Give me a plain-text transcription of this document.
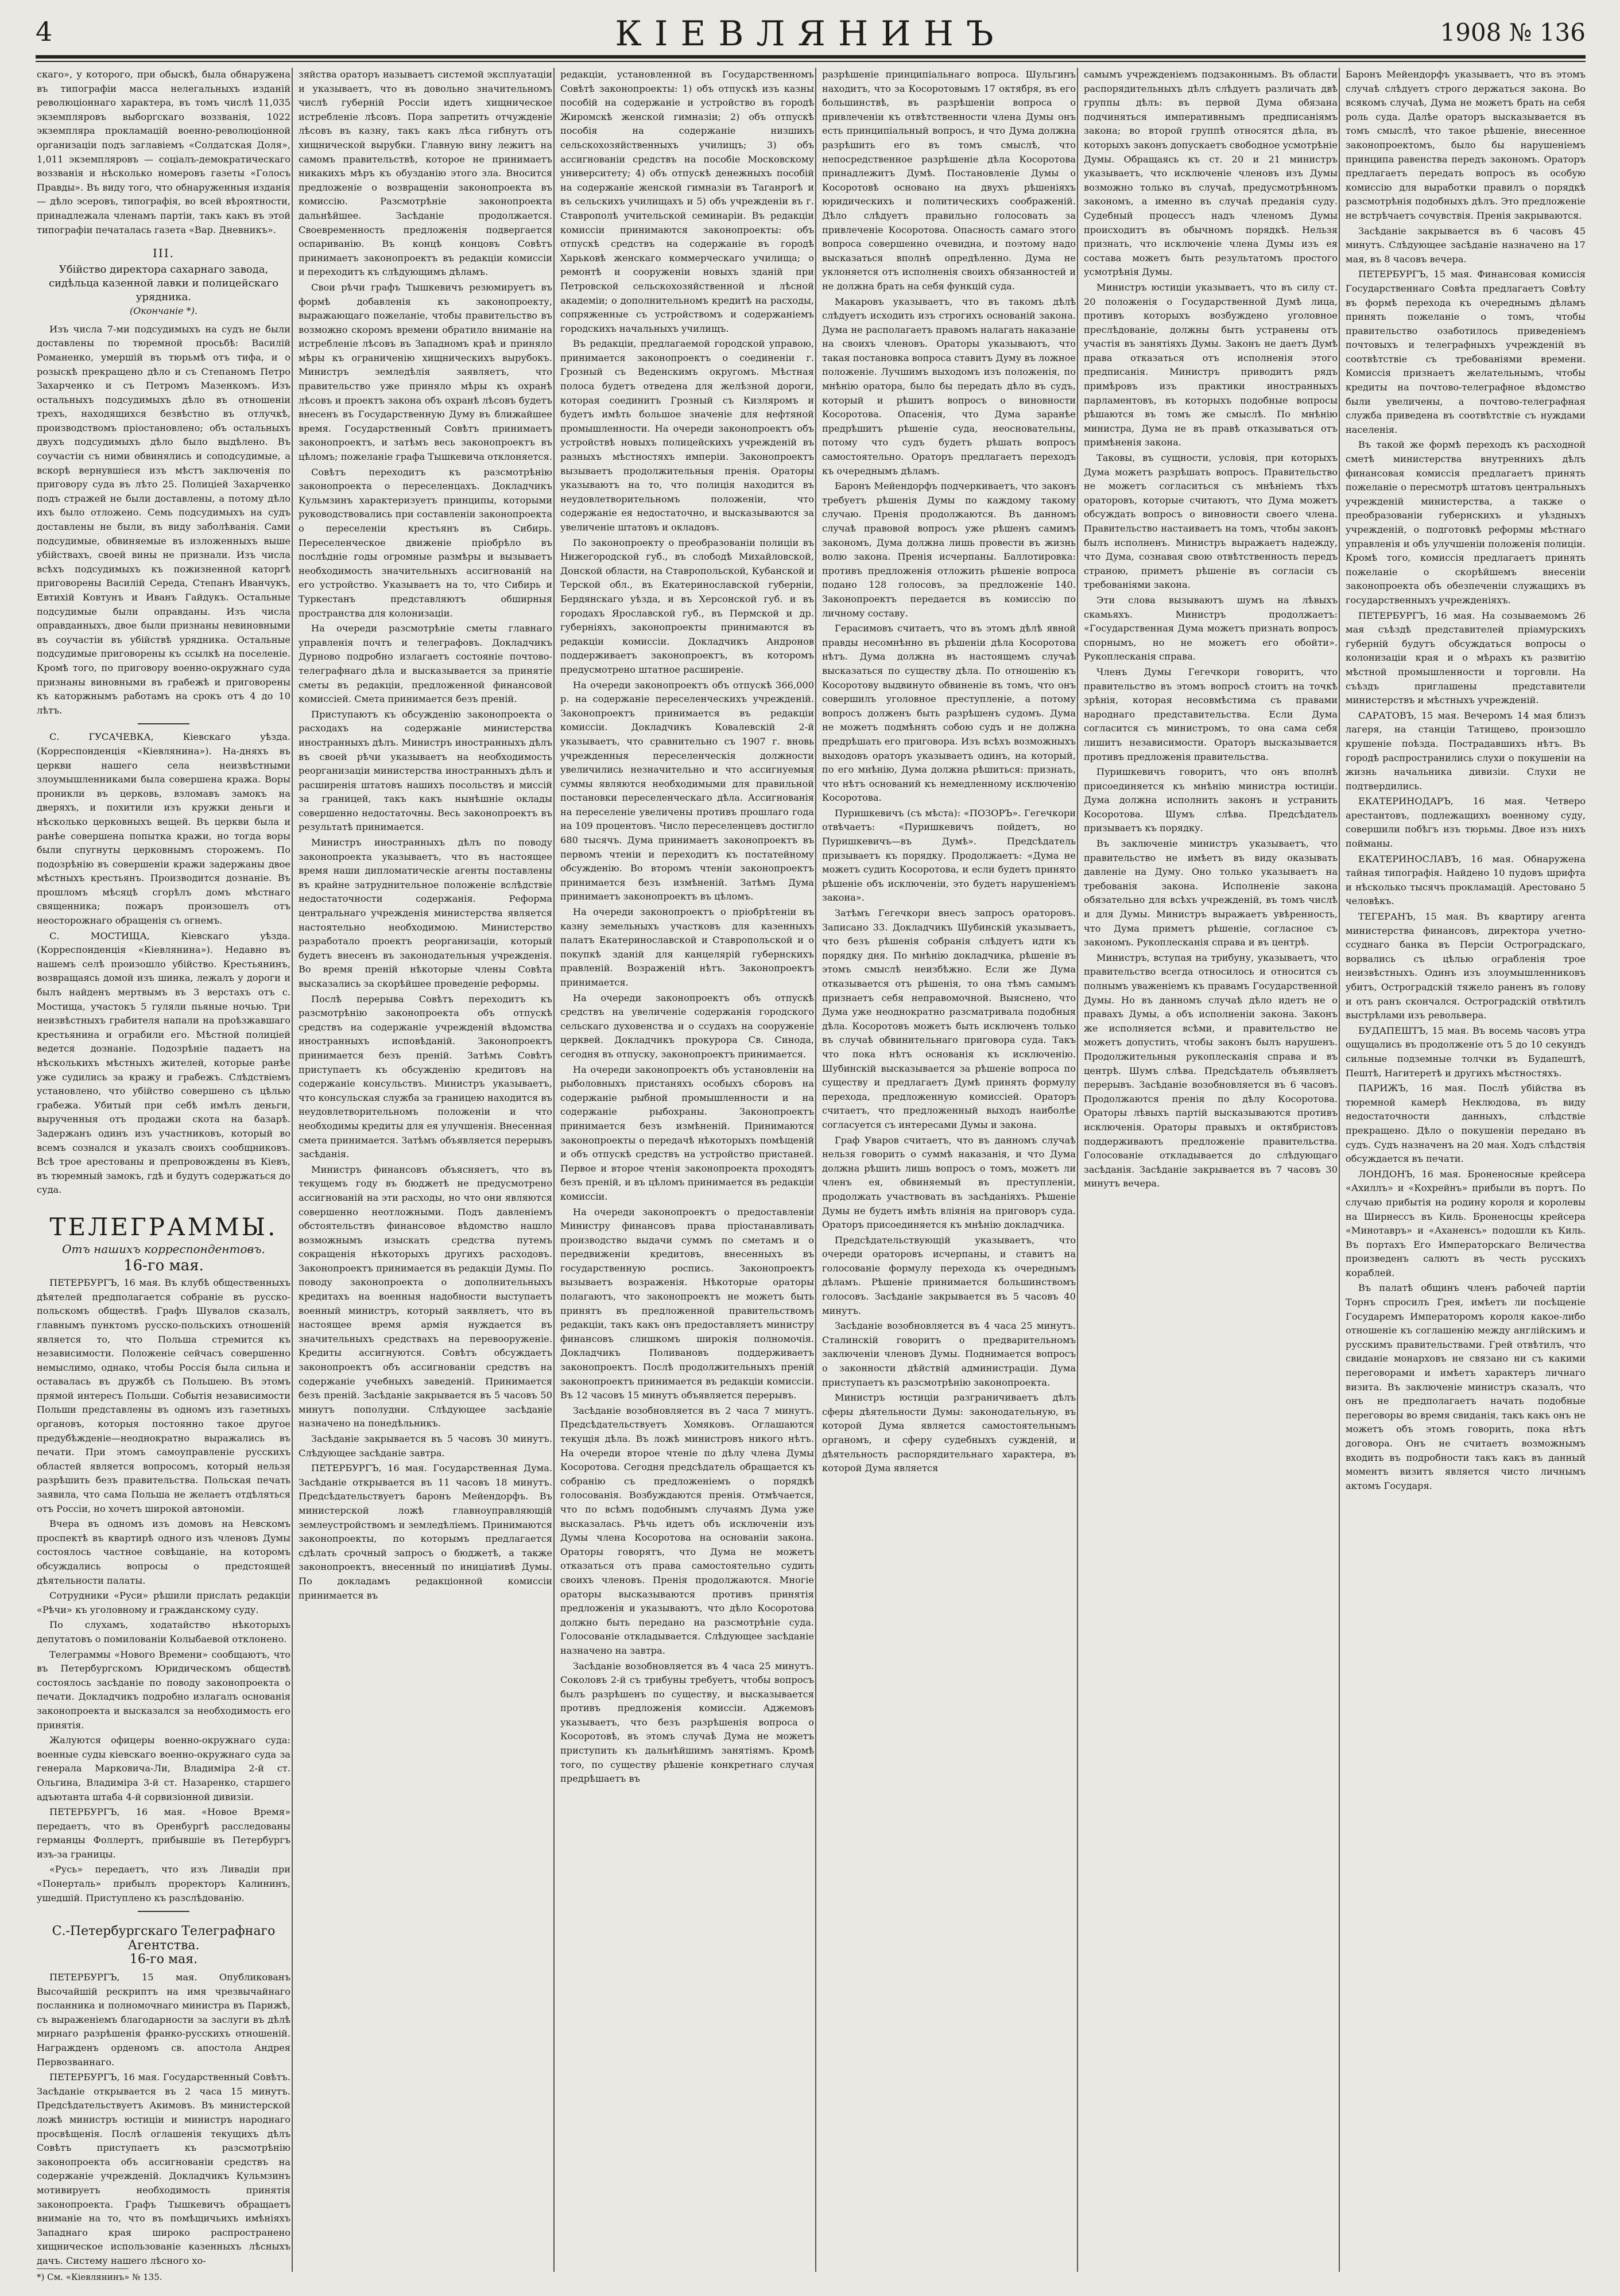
4	КІЕВЛЯНИНЪ	1908 № 136

скаго», у которого, при обыскѣ, была обнаружена въ типографіи масса нелегальныхъ изданій революціоннаго характера, въ томъ числѣ 11,035 экземпляровъ выборгскаго воззванія, 1022 экземпляра прокламацій военно-революціонной организаціи подъ заглавіемъ «Солдатская Доля», 1,011 экземпляровъ — соціалъ-демократическаго воззванія и нѣсколько номеровъ газеты «Голосъ Правды». Въ виду того, что обнаруженныя изданія — дѣло эсеровъ, типографія, во всей вѣроятности, принадлежала членамъ партіи, такъ какъ въ этой типографіи печаталась газета «Вар. Дневникъ».

III.
Убійство директора сахарнаго завода, сидѣльца казенной лавки и полицейскаго урядника.
(Окончаніе *).

Изъ числа 7-ми подсудимыхъ на судъ не были доставлены по тюремной просьбѣ: Василій Романенко, умершій въ тюрьмѣ отъ тифа, и о розыскѣ прекращено дѣло и съ Степаномъ Петро Захарченко и съ Петромъ Мазенкомъ. Изъ остальныхъ подсудимыхъ дѣло въ отношеніи трехъ, находящихся безвѣстно въ отлучкѣ, производствомъ пріостановлено; объ остальныхъ двухъ подсудимыхъ дѣло было выдѣлено. Въ соучастіи съ ними обвинялись и соподсудимые, а вскорѣ вернувшіеся изъ мѣстъ заключенія по приговору суда въ лѣто 25. Полиціей Захарченко подъ стражей не были доставлены, а потому дѣло ихъ было отложено. Семь подсудимыхъ на судъ доставлены не были, въ виду заболѣванія. Сами подсудимые, обвиняемые въ изложенныхъ выше убійствахъ, своей вины не признали. Изъ числа всѣхъ подсудимыхъ къ пожизненной каторгѣ приговорены Василій Середа, Степанъ Иванчукъ, Евтихій Ковтунъ и Иванъ Гайдукъ. Остальные подсудимые были оправданы. Изъ числа оправданныхъ, двое были признаны невиновными въ соучастіи въ убійствѣ урядника. Остальные подсудимые приговорены къ ссылкѣ на поселеніе. Кромѣ того, по приговору военно-окружнаго суда признаны виновными въ грабежѣ и приговорены къ каторжнымъ работамъ на срокъ отъ 4 до 10 лѣтъ.

С. ГУСАЧЕВКА, Кіевскаго уѣзда. (Корреспонденція «Кіевлянина»). На-дняхъ въ церкви нашего села неизвѣстными злоумышленниками была совершена кража. Воры проникли въ церковь, взломавъ замокъ на дверяхъ, и похитили изъ кружки деньги и нѣсколько церковныхъ вещей. Въ церкви была и ранѣе совершена попытка кражи, но тогда воры были спугнуты церковнымъ сторожемъ. По подозрѣнію въ совершеніи кражи задержаны двое мѣстныхъ крестьянъ. Производится дознаніе. Въ прошломъ мѣсяцѣ сгорѣлъ домъ мѣстнаго священника; пожаръ произошелъ отъ неосторожнаго обращенія съ огнемъ.

С. МОСТИЩА, Кіевскаго уѣзда. (Корреспонденція «Кіевлянина»). Недавно въ нашемъ селѣ произошло убійство. Крестьянинъ, возвращаясь домой изъ шинка, лежалъ у дороги и былъ найденъ мертвымъ въ 3 верстахъ отъ с. Мостища, участокъ 5 гуляли пьяные ночью. Три неизвѣстныхъ грабителя напали на проѣзжавшаго крестьянина и ограбили его. Мѣстной полиціей ведется дознаніе. Подозрѣніе падаетъ на нѣсколькихъ мѣстныхъ жителей, которые ранѣе уже судились за кражу и грабежъ. Слѣдствіемъ установлено, что убійство совершено съ цѣлью грабежа. Убитый при себѣ имѣлъ деньги, вырученныя отъ продажи скота на базарѣ. Задержанъ одинъ изъ участниковъ, который во всемъ сознался и указалъ своихъ сообщниковъ. Всѣ трое арестованы и препровождены въ Кіевъ, въ тюремный замокъ, гдѣ и будутъ содержаться до суда.

ТЕЛЕГРАММЫ.
Отъ нашихъ корреспондентовъ.
16-го мая.

ПЕТЕРБУРГЪ, 16 мая. Въ клубѣ общественныхъ дѣятелей предполагается собраніе въ русско-польскомъ обществѣ. Графъ Шувалов сказалъ, главнымъ пунктомъ русско-польскихъ отношеній является то, что Польша стремится къ независимости. Положеніе сейчасъ совершенно немыслимо, однако, чтобы Россія была сильна и оставалась въ дружбѣ съ Польшею. Въ этомъ прямой интересъ Польши. Событія независимости Польши представлены въ одномъ изъ газетныхъ органовъ, которыя постоянно такое другое предубѣжденіе—неоднократно выражались въ печати. При этомъ самоуправленіе русскихъ областей является вопросомъ, который нельзя разрѣшить безъ правительства. Польская печать заявила, что сама Польша не желаетъ отдѣляться отъ Россіи, но хочетъ широкой автономіи.

Вчера въ одномъ изъ домовъ на Невскомъ проспектѣ въ квартирѣ одного изъ членовъ Думы состоялось частное совѣщаніе, на которомъ обсуждались вопросы о предстоящей дѣятельности палаты.

Сотрудники «Руси» рѣшили прислать редакціи «Рѣчи» къ уголовному и гражданскому суду.

По слухамъ, ходатайство нѣкоторыхъ депутатовъ о помилованіи Колыбаевой отклонено.

Телеграммы «Нового Времени» сообщаютъ, что въ Петербургскомъ Юридическомъ обществѣ состоялось засѣданіе по поводу законопроекта о печати. Докладчикъ подробно излагалъ основанія законопроекта и высказался за необходимость его принятія.

Жалуются офицеры военно-окружнаго суда: военные суды кіевскаго военно-окружнаго суда за генерала Марковича-Ли, Владиміра 2-й ст. Ольгина, Владиміра 3-й ст. Назаренко, старшего адъютанта штаба 4-й сорвизіонной дивизіи.

ПЕТЕРБУРГЪ, 16 мая. «Новое Время» передаетъ, что въ Оренбургѣ расследованы германцы Фоллертъ, прибывшіе въ Петербургъ изъ-за границы.

«Русь» передаетъ, что изъ Ливадіи при «Понерталь» прибылъ проректоръ Калининъ, ушедшій. Приступлено къ разслѣдованію.

С.-Петербургскаго Телеграфнаго
Агентства.
16-го мая.

ПЕТЕРБУРГЪ, 15 мая. Опубликованъ Высочайшій рескриптъ на имя чрезвычайнаго посланника и полномочнаго министра въ Парижѣ, съ выраженіемъ благодарности за заслуги въ дѣлѣ мирнаго разрѣшенія франко-русскихъ отношеній. Награжденъ орденомъ св. апостола Андрея Первозваннаго.

ПЕТЕРБУРГЪ, 16 мая. Государственный Совѣтъ. Засѣданіе открывается въ 2 часа 15 минутъ. Предсѣдательствуетъ Акимовъ. Въ министерской ложѣ министръ юстиціи и министръ народнаго просвѣщенія. Послѣ оглашенія текущихъ дѣлъ Совѣтъ приступаетъ къ разсмотрѣнію законопроекта объ ассигнованіи средствъ на содержаніе учрежденій. Докладчикъ Кульмзинъ мотивируетъ необходимость принятія законопроекта. Графъ Тышкевичъ обращаетъ вниманіе на то, что въ помѣщичьихъ имѣніяхъ Западнаго края широко распространено хищническое использованіе казенныхъ лѣсныхъ дачъ. Систему нашего лѣсного хо-

зяйства ораторъ называетъ системой эксплуатаціи и указываетъ, что въ довольно значительномъ числѣ губерній Россіи идетъ хищническое истребленіе лѣсовъ. Пора запретить отчужденіе лѣсовъ въ казну, такъ какъ лѣса гибнутъ отъ хищнической вырубки. Главную вину лежитъ на самомъ правительствѣ, которое не принимаетъ никакихъ мѣръ къ обузданію этого зла. Вносится предложеніе о возвращеніи законопроекта въ комиссію. Разсмотрѣніе законопроекта дальнѣйшее. Засѣданіе продолжается. Своевременность предложенія подвергается оспариванію. Въ концѣ концовъ Совѣтъ принимаетъ законопроектъ въ редакціи комиссіи и переходитъ къ слѣдующимъ дѣламъ.

Свои рѣчи графъ Тышкевичъ резюмируетъ въ формѣ добавленія къ законопроекту, выражающаго пожеланіе, чтобы правительство въ возможно скоромъ времени обратило вниманіе на истребленіе лѣсовъ въ Западномъ краѣ и приняло мѣры къ ограниченію хищническихъ вырубокъ. Министръ земледѣлія заявляетъ, что правительство уже приняло мѣры къ охранѣ лѣсовъ и проектъ закона объ охранѣ лѣсовъ будетъ внесенъ въ Государственную Думу въ ближайшее время. Государственный Совѣтъ принимаетъ законопроектъ, и затѣмъ весь законопроектъ въ цѣломъ; пожеланіе графа Тышкевича отклоняется.

Совѣтъ переходитъ къ разсмотрѣнію законопроекта о переселенцахъ. Докладчикъ Кульмзинъ характеризуетъ принципы, которыми руководствовались при составленіи законопроекта о переселеніи крестьянъ въ Сибирь. Переселенческое движеніе пріобрѣло въ послѣдніе годы огромные размѣры и вызываетъ необходимость значительныхъ ассигнованій на его устройство. Указываетъ на то, что Сибирь и Туркестанъ представляютъ обширныя пространства для колонизаціи.

На очереди разсмотрѣніе сметы главнаго управленія почтъ и телеграфовъ. Докладчикъ Дурново подробно излагаетъ состояніе почтово-телеграфнаго дѣла и высказывается за принятіе сметы въ редакціи, предложенной финансовой комиссіей. Смета принимается безъ преній.

Приступаютъ къ обсужденію законопроекта о расходахъ на содержаніе министерства иностранныхъ дѣлъ. Министръ иностранныхъ дѣлъ въ своей рѣчи указываетъ на необходимость реорганизаціи министерства иностранныхъ дѣлъ и расширенія штатовъ нашихъ посольствъ и миссій за границей, такъ какъ нынѣшніе оклады совершенно недостаточны. Весь законопроектъ въ результатѣ принимается.

Министръ иностранныхъ дѣлъ по поводу законопроекта указываетъ, что въ настоящее время наши дипломатическіе агенты поставлены въ крайне затруднительное положеніе вслѣдствіе недостаточности содержанія. Реформа центральнаго учрежденія министерства является настоятельно необходимою. Министерство разработало проектъ реорганизаціи, который будетъ внесенъ въ законодательныя учрежденія. Во время преній нѣкоторые члены Совѣта высказались за скорѣйшее проведеніе реформы.

Послѣ перерыва Совѣтъ переходитъ къ разсмотрѣнію законопроекта объ отпускѣ средствъ на содержаніе учрежденій вѣдомства иностранныхъ исповѣданій. Законопроектъ принимается безъ преній. Затѣмъ Совѣтъ приступаетъ къ обсужденію кредитовъ на содержаніе консульствъ. Министръ указываетъ, что консульская служба за границею находится въ неудовлетворительномъ положеніи и что необходимы кредиты для ея улучшенія. Внесенная смета принимается. Затѣмъ объявляется перерывъ засѣданія.

Министръ финансовъ объясняетъ, что въ текущемъ году въ бюджетѣ не предусмотрено ассигнованій на эти расходы, но что они являются совершенно неотложными. Подъ давленіемъ обстоятельствъ финансовое вѣдомство нашло возможнымъ изыскать средства путемъ сокращенія нѣкоторыхъ другихъ расходовъ. Законопроектъ принимается въ редакціи Думы. По поводу законопроекта о дополнительныхъ кредитахъ на военныя надобности выступаетъ военный министръ, который заявляетъ, что въ настоящее время армія нуждается въ значительныхъ средствахъ на перевооруженіе. Кредиты ассигнуются. Совѣтъ обсуждаетъ законопроектъ объ ассигнованіи средствъ на содержаніе учебныхъ заведеній. Принимается безъ преній. Засѣданіе закрывается въ 5 часовъ 50 минутъ пополудни. Слѣдующее засѣданіе назначено на понедѣльникъ.

Засѣданіе закрывается въ 5 часовъ 30 минутъ. Слѣдующее засѣданіе завтра.

ПЕТЕРБУРГЪ, 16 мая. Государственная Дума. Засѣданіе открывается въ 11 часовъ 18 минутъ. Предсѣдательствуетъ баронъ Мейендорфъ. Въ министерской ложѣ главноуправляющій землеустройствомъ и земледѣліемъ. Принимаются законопроекты, по которымъ предлагается сдѣлать срочный запросъ о бюджетѣ, а также законопроектъ, внесенный по иниціативѣ Думы. По докладамъ редакціонной комиссіи принимается въ

редакціи, установленной въ Государственномъ Совѣтѣ законопроекты: 1) объ отпускѣ изъ казны пособій на содержаніе и устройство въ городѣ Жиромскѣ женской гимназіи; 2) объ отпускѣ пособія на содержаніе низшихъ сельскохозяйственныхъ училищъ; 3) объ ассигнованіи средствъ на пособіе Московскому университету; 4) объ отпускѣ денежныхъ пособій на содержаніе женской гимназіи въ Таганрогѣ и въ сельскихъ училищахъ и 5) объ учрежденіи въ г. Ставрополѣ учительской семинаріи. Въ редакціи комиссіи принимаются законопроекты: объ отпускѣ средствъ на содержаніе въ городѣ Харьковѣ женскаго коммерческаго училища; о ремонтѣ и сооруженіи новыхъ зданій при Петровской сельскохозяйственной и лѣсной академіи; о дополнительномъ кредитѣ на расходы, сопряженные съ устройствомъ и содержаніемъ городскихъ начальныхъ училищъ.

Въ редакціи, предлагаемой городской управою, принимается законопроектъ о соединеніи г. Грозный съ Веденскимъ округомъ. Мѣстная полоса будетъ отведена для желѣзной дороги, которая соединитъ Грозный съ Кизляромъ и будетъ имѣть большое значеніе для нефтяной промышленности. На очереди законопроектъ объ устройствѣ новыхъ полицейскихъ учрежденій въ разныхъ мѣстностяхъ имперіи. Законопроектъ вызываетъ продолжительныя пренія. Ораторы указываютъ на то, что полиція находится въ неудовлетворительномъ положеніи, что содержаніе ея недостаточно, и высказываются за увеличеніе штатовъ и окладовъ.

По законопроекту о преобразованіи полиціи въ Нижегородской губ., въ слободѣ Михайловской, Донской области, на Ставропольской, Кубанской и Терской обл., въ Екатеринославской губерніи, Бердянскаго уѣзда, и въ Херсонской губ. и въ городахъ Ярославской губ., въ Пермской и др. губерніяхъ, законопроекты принимаются въ редакціи комиссіи. Докладчикъ Андронов поддерживаетъ законопроектъ, въ которомъ предусмотрено штатное расширеніе.

На очереди законопроектъ объ отпускѣ 366,000 р. на содержаніе переселенческихъ учрежденій. Законопроектъ принимается въ редакціи комиссіи. Докладчикъ Ковалевскій 2-й указываетъ, что сравнительно съ 1907 г. вновь учрежденныя переселенческія должности увеличились незначительно и что ассигнуемыя суммы являются необходимыми для правильной постановки переселенческаго дѣла. Ассигнованія на переселеніе увеличены противъ прошлаго года на 109 процентовъ. Число переселенцевъ достигло 680 тысячъ. Дума принимаетъ законопроектъ въ первомъ чтеніи и переходитъ къ постатейному обсужденію. Во второмъ чтеніи законопроектъ принимается безъ измѣненій. Затѣмъ Дума принимаетъ законопроектъ въ цѣломъ.

На очереди законопроектъ о пріобрѣтеніи въ казну земельныхъ участковъ для казенныхъ палатъ Екатеринославской и Ставропольской и о покупкѣ зданій для канцелярій губернскихъ правленій. Возраженій нѣтъ. Законопроектъ принимается.

На очереди законопроектъ объ отпускѣ средствъ на увеличеніе содержанія городского сельскаго духовенства и о ссудахъ на сооруженіе церквей. Докладчикъ прокурора Св. Синода, сегодня въ отпуску, законопроектъ принимается.

На очереди законопроектъ объ установленіи на рыболовныхъ пристаняхъ особыхъ сборовъ на содержаніе рыбной промышленности и на содержаніе рыбохраны. Законопроектъ принимается безъ измѣненій. Принимаются законопроекты о передачѣ нѣкоторыхъ помѣщеній и объ отпускѣ средствъ на устройство пристаней. Первое и второе чтенія законопроекта проходятъ безъ преній, и въ цѣломъ принимается въ редакціи комиссіи.

На очереди законопроектъ о предоставленіи Министру финансовъ права пріостанавливать производство выдачи суммъ по сметамъ и о передвиженіи кредитовъ, внесенныхъ въ государственную роспись. Законопроектъ вызываетъ возраженія. Нѣкоторые ораторы полагаютъ, что законопроектъ не можетъ быть принятъ въ предложенной правительствомъ редакціи, такъ какъ онъ предоставляетъ министру финансовъ слишкомъ широкія полномочія. Докладчикъ Поливановъ поддерживаетъ законопроектъ. Послѣ продолжительныхъ преній законопроектъ принимается въ редакціи комиссіи. Въ 12 часовъ 15 минутъ объявляется перерывъ.

Засѣданіе возобновляется въ 2 часа 7 минутъ. Предсѣдательствуетъ Хомяковъ. Оглашаются текущія дѣла. Въ ложѣ министровъ никого нѣтъ. На очереди второе чтеніе по дѣлу члена Думы Косоротова. Сегодня предсѣдатель обращается къ собранію съ предложеніемъ о порядкѣ голосованія. Возбуждаются пренія. Отмѣчается, что по всѣмъ подобнымъ случаямъ Дума уже высказалась. Рѣчь идетъ объ исключеніи изъ Думы члена Косоротова на основаніи закона. Ораторы говорятъ, что Дума не можетъ отказаться отъ права самостоятельно судить своихъ членовъ. Пренія продолжаются. Многіе ораторы высказываются противъ принятія предложенія и указываютъ, что дѣло Косоротова должно быть передано на разсмотрѣніе суда. Голосованіе откладывается. Слѣдующее засѣданіе назначено на завтра.

Засѣданіе возобновляется въ 4 часа 25 минутъ. Соколовъ 2-й съ трибуны требуетъ, чтобы вопросъ былъ разрѣшенъ по существу, и высказывается противъ предложенія комиссіи. Аджемовъ указываетъ, что безъ разрѣшенія вопроса о Косоротовѣ, въ этомъ случаѣ Дума не можетъ приступить къ дальнѣйшимъ занятіямъ. Кромѣ того, по существу рѣшеніе конкретнаго случая предрѣшаетъ въ

разрѣшеніе принципіальнаго вопроса. Шульгинъ находитъ, что за Косоротовымъ 17 октября, въ его большинствѣ, въ разрѣшеніи вопроса о привлеченіи къ отвѣтственности члена Думы онъ есть принципіальный вопросъ, и что Дума должна разрѣшить его въ томъ смыслѣ, что непосредственное разрѣшеніе дѣла Косоротова принадлежитъ Думѣ. Постановленіе Думы о Косоротовѣ основано на двухъ рѣшеніяхъ юридическихъ и политическихъ соображеній. Дѣло слѣдуетъ правильно голосовать за привлеченіе Косоротова. Опасность самаго этого вопроса совершенно очевидна, и поэтому надо высказаться вполнѣ опредѣленно. Дума не уклоняется отъ исполненія своихъ обязанностей и не должна брать на себя функцій суда.

Макаровъ указываетъ, что въ такомъ дѣлѣ слѣдуетъ исходить изъ строгихъ основаній закона. Дума не располагаетъ правомъ налагать наказаніе на своихъ членовъ. Ораторы указываютъ, что такая постановка вопроса ставитъ Думу въ ложное положеніе. Лучшимъ выходомъ изъ положенія, по мнѣнію оратора, было бы передать дѣло въ судъ, который и рѣшитъ вопросъ о виновности Косоротова. Опасенія, что Дума заранѣе предрѣшитъ рѣшеніе суда, неосновательны, потому что судъ будетъ рѣшать вопросъ самостоятельно. Ораторъ предлагаетъ переходъ къ очереднымъ дѣламъ.

Баронъ Мейендорфъ подчеркиваетъ, что законъ требуетъ рѣшенія Думы по каждому такому случаю. Пренія продолжаются. Въ данномъ случаѣ правовой вопросъ уже рѣшенъ самимъ закономъ, Дума должна лишь провести въ жизнь волю закона. Пренія исчерпаны. Баллотировка: противъ предложенія отложить рѣшеніе вопроса подано 128 голосовъ, за предложеніе 140. Законопроектъ передается въ комиссію по личному составу.

Герасимовъ считаетъ, что въ этомъ дѣлѣ явной правды несомнѣнно въ рѣшеніи дѣла Косоротова нѣтъ. Дума должна въ настоящемъ случаѣ высказаться по существу дѣла. По отношенію къ Косоротову выдвинуто обвиненіе въ томъ, что онъ совершилъ уголовное преступленіе, а потому вопросъ долженъ быть разрѣшенъ судомъ. Дума не можетъ подмѣнять собою судъ и не должна предрѣшать его приговора. Изъ всѣхъ возможныхъ выходовъ ораторъ указываетъ одинъ, на который, по его мнѣнію, Дума должна рѣшиться: признать, что нѣтъ оснований къ немедленному исключенію Косоротова.

Пуришкевичъ (съ мѣста): «ПОЗОРЪ». Гегечкори отвѣчаетъ: «Пуришкевичъ пойдетъ, но Пуришкевичъ—въ Думѣ». Предсѣдатель призываетъ къ порядку. Продолжаетъ: «Дума не можетъ судить Косоротова, и если будетъ принято рѣшеніе объ исключеніи, это будетъ нарушеніемъ закона».

Затѣмъ Гегечкори внесъ запросъ ораторовъ. Записано 33. Докладчикъ Шубинскій указываетъ, что безъ рѣшенія собранія слѣдуетъ идти къ порядку дня. По мнѣнію докладчика, рѣшеніе въ этомъ смыслѣ неизбѣжно. Если же Дума отказывается отъ рѣшенія, то она тѣмъ самымъ признаетъ себя неправомочной. Выяснено, что Дума уже неоднократно разсматривала подобныя дѣла. Косоротовъ можетъ быть исключенъ только въ случаѣ обвинительнаго приговора суда. Такъ что пока нѣтъ основанія къ исключенію. Шубинскій высказывается за рѣшеніе вопроса по существу и предлагаетъ Думѣ принять формулу перехода, предложенную комиссіей. Ораторъ считаетъ, что предложенный выходъ наиболѣе согласуется съ интересами Думы и закона.

Граф Уваров считаетъ, что въ данномъ случаѣ нельзя говорить о суммѣ наказанія, и что Дума должна рѣшить лишь вопросъ о томъ, можетъ ли членъ ея, обвиняемый въ преступленіи, продолжать участвовать въ засѣданіяхъ. Рѣшеніе Думы не будетъ имѣть вліянія на приговоръ суда. Ораторъ присоединяется къ мнѣнію докладчика.

Предсѣдательствующій указываетъ, что очереди ораторовъ исчерпаны, и ставитъ на голосованіе формулу перехода къ очереднымъ дѣламъ. Рѣшеніе принимается большинствомъ голосовъ. Засѣданіе закрывается въ 5 часовъ 40 минутъ.

Засѣданіе возобновляется въ 4 часа 25 минутъ. Сталинскій говоритъ о предварительномъ заключеніи членовъ Думы. Поднимается вопросъ о законности дѣйствій администраціи. Дума приступаетъ къ разсмотрѣнію законопроекта.

Министръ юстиціи разграничиваетъ дѣлъ сферы дѣятельности Думы: законодательную, въ которой Дума является самостоятельнымъ органомъ, и сферу судебныхъ сужденій, и дѣятельность распорядительнаго характера, въ которой Дума является

самымъ учрежденіемъ подзаконнымъ. Въ области распорядительныхъ дѣлъ слѣдуетъ различать двѣ группы дѣлъ: въ первой Дума обязана подчиняться императивнымъ предписаніямъ закона; во второй группѣ относятся дѣла, въ которыхъ законъ допускаетъ свободное усмотрѣніе Думы. Обращаясь къ ст. 20 и 21 министръ указываетъ, что исключеніе членовъ изъ Думы возможно только въ случаѣ, предусмотрѣнномъ закономъ, а именно въ случаѣ преданія суду. Судебный процессъ надъ членомъ Думы происходитъ въ обычномъ порядкѣ. Нельзя признать, что исключеніе члена Думы изъ ея состава можетъ быть результатомъ простого усмотрѣнія Думы.

Министръ юстиціи указываетъ, что въ силу ст. 20 положенія о Государственной Думѣ лица, противъ которыхъ возбуждено уголовное преслѣдованіе, должны быть устранены отъ участія въ занятіяхъ Думы. Законъ не даетъ Думѣ права отказаться отъ исполненія этого предписанія. Министръ приводитъ рядъ примѣровъ изъ практики иностранныхъ парламентовъ, въ которыхъ подобные вопросы рѣшаются въ томъ же смыслѣ. По мнѣнію министра, Дума не въ правѣ отказываться отъ примѣненія закона.

Таковы, въ сущности, условія, при которыхъ Дума можетъ разрѣшать вопросъ. Правительство не можетъ согласиться съ мнѣніемъ тѣхъ ораторовъ, которые считаютъ, что Дума можетъ обсуждать вопросъ о виновности своего члена. Правительство настаиваетъ на томъ, чтобы законъ былъ исполненъ. Министръ выражаетъ надежду, что Дума, сознавая свою отвѣтственность передъ страною, приметъ рѣшеніе въ согласіи съ требованіями закона.

Эти слова вызываютъ шумъ на лѣвыхъ скамьяхъ. Министръ продолжаетъ: «Государственная Дума можетъ признать вопросъ спорнымъ, но не можетъ его обойти». Рукоплесканія справа.

Членъ Думы Гегечкори говоритъ, что правительство въ этомъ вопросѣ стоитъ на точкѣ зрѣнія, которая несовмѣстима съ правами народнаго представительства. Если Дума согласится съ министромъ, то она сама себя лишитъ независимости. Ораторъ высказывается противъ предложенія правительства.

Пуришкевичъ говоритъ, что онъ вполнѣ присоединяется къ мнѣнію министра юстиціи. Дума должна исполнить законъ и устранить Косоротова. Шумъ слѣва. Предсѣдатель призываетъ къ порядку.

Въ заключеніе министръ указываетъ, что правительство не имѣетъ въ виду оказывать давленіе на Думу. Оно только указываетъ на требованія закона. Исполненіе закона обязательно для всѣхъ учрежденій, въ томъ числѣ и для Думы. Министръ выражаетъ увѣренность, что Дума приметъ рѣшеніе, согласное съ закономъ. Рукоплесканія справа и въ центрѣ.

Министръ, вступая на трибуну, указываетъ, что правительство всегда относилось и относится съ полнымъ уваженіемъ къ правамъ Государственной Думы. Но въ данномъ случаѣ дѣло идетъ не о правахъ Думы, а объ исполненіи закона. Законъ же исполняется всѣми, и правительство не можетъ допустить, чтобы законъ былъ нарушенъ. Продолжительныя рукоплесканія справа и въ центрѣ. Шумъ слѣва. Предсѣдатель объявляетъ перерывъ. Засѣданіе возобновляется въ 6 часовъ. Продолжаются пренія по дѣлу Косоротова. Ораторы лѣвыхъ партій высказываются противъ исключенія. Ораторы правыхъ и октябристовъ поддерживаютъ предложеніе правительства. Голосованіе откладывается до слѣдующаго засѣданія. Засѣданіе закрывается въ 7 часовъ 30 минутъ вечера.

Баронъ Мейендорфъ указываетъ, что въ этомъ случаѣ слѣдуетъ строго держаться закона. Во всякомъ случаѣ, Дума не можетъ брать на себя роль суда. Далѣе ораторъ высказывается въ томъ смыслѣ, что такое рѣшеніе, внесенное законопроектомъ, было бы нарушеніемъ принципа равенства передъ закономъ. Ораторъ предлагаетъ передать вопросъ въ особую комиссію для выработки правилъ о порядкѣ разсмотрѣнія подобныхъ дѣлъ. Это предложеніе не встрѣчаетъ сочувствія. Пренія закрываются.

Засѣданіе закрывается въ 6 часовъ 45 минутъ. Слѣдующее засѣданіе назначено на 17 мая, въ 8 часовъ вечера.

ПЕТЕРБУРГЪ, 15 мая. Финансовая комиссія Государственнаго Совѣта предлагаетъ Совѣту въ формѣ перехода къ очереднымъ дѣламъ принять пожеланіе о томъ, чтобы правительство озаботилось приведеніемъ почтовыхъ и телеграфныхъ учрежденій въ соотвѣтствіе съ требованіями времени. Комиссія признаетъ желательнымъ, чтобы кредиты на почтово-телеграфное вѣдомство были увеличены, а почтово-телеграфная служба приведена въ соотвѣтствіе съ нуждами населенія.

Въ такой же формѣ переходъ къ расходной сметѣ министерства внутреннихъ дѣлъ финансовая комиссія предлагаетъ принять пожеланіе о пересмотрѣ штатовъ центральныхъ учрежденій министерства, а также о преобразованіи губернскихъ и уѣздныхъ учрежденій, о подготовкѣ реформы мѣстнаго управленія и объ улучшеніи положенія полиціи. Кромѣ того, комиссія предлагаетъ принять пожеланіе о скорѣйшемъ внесеніи законопроекта объ обезпеченіи служащихъ въ государственныхъ учрежденіяхъ.

ПЕТЕРБУРГЪ, 16 мая. На созываемомъ 26 мая съѣздѣ представителей пріамурскихъ губерній будутъ обсуждаться вопросы о колонизаціи края и о мѣрахъ къ развитію мѣстной промышленности и торговли. На съѣздъ приглашены представители министерствъ и мѣстныхъ учрежденій.

САРАТОВЪ, 15 мая. Вечеромъ 14 мая близъ лагеря, на станціи Татищево, произошло крушеніе поѣзда. Пострадавшихъ нѣтъ. Въ городѣ распространились слухи о покушеніи на жизнь начальника дивизіи. Слухи не подтвердились.

ЕКАТЕРИНОДАРЪ, 16 мая. Четверо арестантовъ, подлежащихъ военному суду, совершили побѣгъ изъ тюрьмы. Двое изъ нихъ пойманы.

ЕКАТЕРИНОСЛАВЪ, 16 мая. Обнаружена тайная типографія. Найдено 10 пудовъ шрифта и нѣсколько тысячъ прокламацій. Арестовано 5 человѣкъ.

ТЕГЕРАНЪ, 15 мая. Въ квартиру агента министерства финансовъ, директора учетно-ссуднаго банка въ Персіи Остроградскаго, ворвались съ цѣлью ограбленія трое неизвѣстныхъ. Одинъ изъ злоумышленниковъ убитъ, Остроградскій тяжело раненъ въ голову и отъ ранъ скончался. Остроградскій отвѣтилъ выстрѣлами изъ револьвера.

БУДАПЕШТЪ, 15 мая. Въ восемь часовъ утра ощущались въ продолженіе отъ 5 до 10 секундъ сильные подземные толчки въ Будапештѣ, Пештѣ, Нагитеретѣ и другихъ мѣстностяхъ.

ПАРИЖЪ, 16 мая. Послѣ убійства въ тюремной камерѣ Неклюдова, въ виду недостаточности данныхъ, слѣдствіе прекращено. Дѣло о покушеніи передано въ судъ. Судъ назначенъ на 20 мая. Ходъ слѣдствія обсуждается въ печати.

ЛОНДОНЪ, 16 мая. Броненосные крейсера «Ахиллъ» и «Кохрейнъ» прибыли въ портъ. По случаю прибытія на родину короля и королевы на Ширнессъ въ Киль. Броненосцы крейсера «Минотавръ» и «Аханенсъ» подошли къ Киль. Въ портахъ Его Императорскаго Величества произведенъ салютъ въ честь русскихъ кораблей.

Въ палатѣ общинъ членъ рабочей партіи Торнъ спросилъ Грея, имѣетъ ли посѣщеніе Государемъ Императоромъ короля какое-либо отношеніе къ соглашенію между англійскимъ и русскимъ правительствами. Грей отвѣтилъ, что свиданіе монарховъ не связано ни съ какими переговорами и имѣетъ характеръ личнаго визита. Въ заключеніе министръ сказалъ, что онъ не предполагаетъ начать подобные переговоры во время свиданія, такъ какъ онъ не можетъ объ этомъ говорить, пока нѣтъ договора. Онъ не считаетъ возможнымъ входить въ подробности такъ какъ въ данный моментъ визитъ является чисто личнымъ актомъ Государя.

*) См. «Кіевлянинъ» № 135.
